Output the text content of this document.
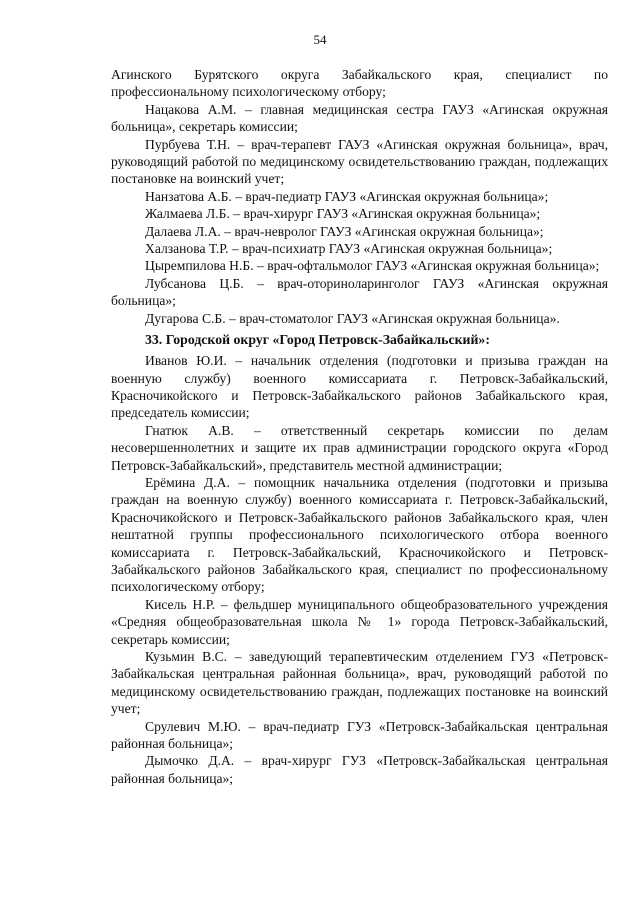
54

Агинского Бурятского округа Забайкальского края, специалист по профессиональному психологическому отбору;

Нацакова А.М. – главная медицинская сестра ГАУЗ «Агинская окружная больница», секретарь комиссии;

Пурбуева Т.Н. – врач-терапевт ГАУЗ «Агинская окружная больница», врач, руководящий работой по медицинскому освидетельствованию граждан, подлежащих постановке на воинский учет;

Нанзатова А.Б. – врач-педиатр ГАУЗ «Агинская окружная больница»;

Жалмаева Л.Б. – врач-хирург ГАУЗ «Агинская окружная больница»;

Далаева Л.А. – врач-невролог ГАУЗ «Агинская окружная больница»;

Халзанова Т.Р. – врач-психиатр ГАУЗ «Агинская окружная больница»;

Цыремпилова Н.Б. – врач-офтальмолог ГАУЗ «Агинская окружная больница»;

Лубсанова Ц.Б. – врач-оториноларинголог ГАУЗ «Агинская окружная больница»;

Дугарова С.Б. – врач-стоматолог ГАУЗ «Агинская окружная больница».

33. Городской округ «Город Петровск-Забайкальский»:

Иванов Ю.И. – начальник отделения (подготовки и призыва граждан на военную службу) военного комиссариата г. Петровск-Забайкальский, Красночикойского и Петровск-Забайкальского районов Забайкальского края, председатель комиссии;

Гнатюк А.В. – ответственный секретарь комиссии по делам несовершеннолетних и защите их прав администрации городского округа «Город Петровск-Забайкальский», представитель местной администрации;

Ерёмина Д.А. – помощник начальника отделения (подготовки и призыва граждан на военную службу) военного комиссариата г. Петровск-Забайкальский, Красночикойского и Петровск-Забайкальского районов Забайкальского края, член нештатной группы профессионального психологического отбора военного комиссариата г. Петровск-Забайкальский, Красночикойского и Петровск-Забайкальского районов Забайкальского края, специалист по профессиональному психологическому отбору;

Кисель Н.Р. – фельдшер муниципального общеобразовательного учреждения «Средняя общеобразовательная школа № 1» города Петровск-Забайкальский, секретарь комиссии;

Кузьмин В.С. – заведующий терапевтическим отделением ГУЗ «Петровск-Забайкальская центральная районная больница», врач, руководящий работой по медицинскому освидетельствованию граждан, подлежащих постановке на воинский учет;

Срулевич М.Ю. – врач-педиатр ГУЗ «Петровск-Забайкальская центральная районная больница»;

Дымочко Д.А. – врач-хирург ГУЗ «Петровск-Забайкальская центральная районная больница»;
